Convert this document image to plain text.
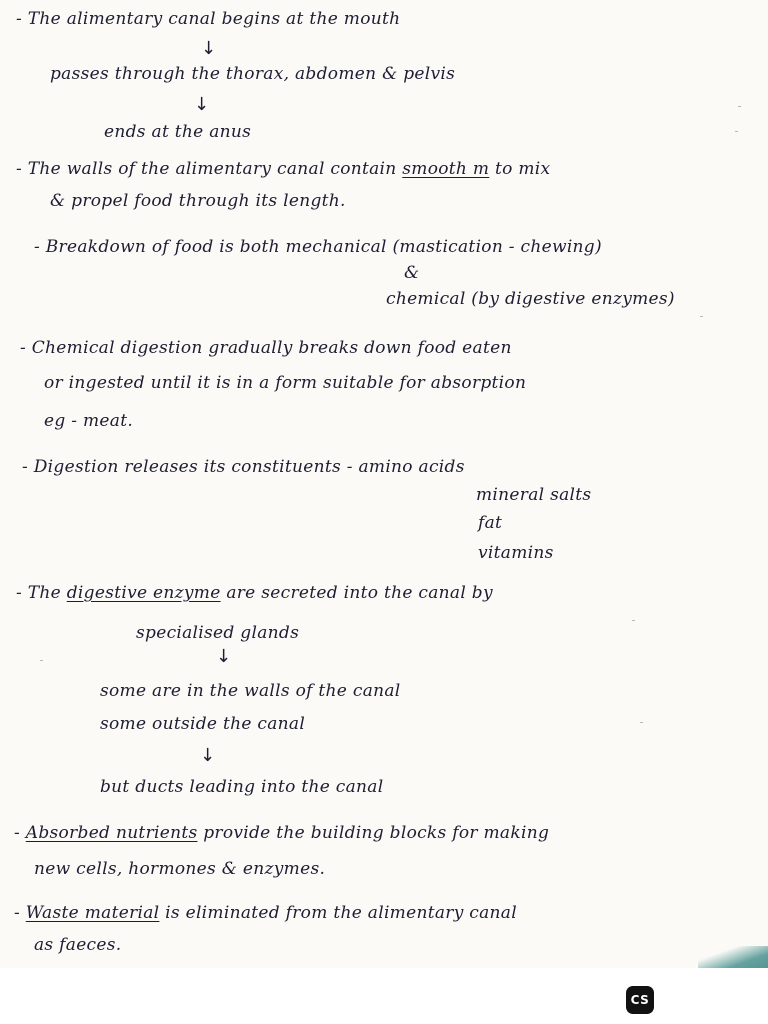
- The alimentary canal begins at the mouth
↓
passes through the thorax, abdomen & pelvis
↓
ends at the anus
- The walls of the alimentary canal contain smooth m to mix
& propel food through its length.
- Breakdown of food is both mechanical (mastication - chewing)
&
chemical (by digestive enzymes)
- Chemical digestion gradually breaks down food eaten
or ingested until it is in a form suitable for absorption
eg - meat.
- Digestion releases its constituents - amino acids
mineral salts
fat
vitamins
- The digestive enzyme are secreted into the canal by
specialised glands
↓
some are in the walls of the canal
some outside the canal
↓
but ducts leading into the canal
- Absorbed nutrients provide the building blocks for making
new cells, hormones & enzymes.
- Waste material is eliminated from the alimentary canal
as faeces.
CS
